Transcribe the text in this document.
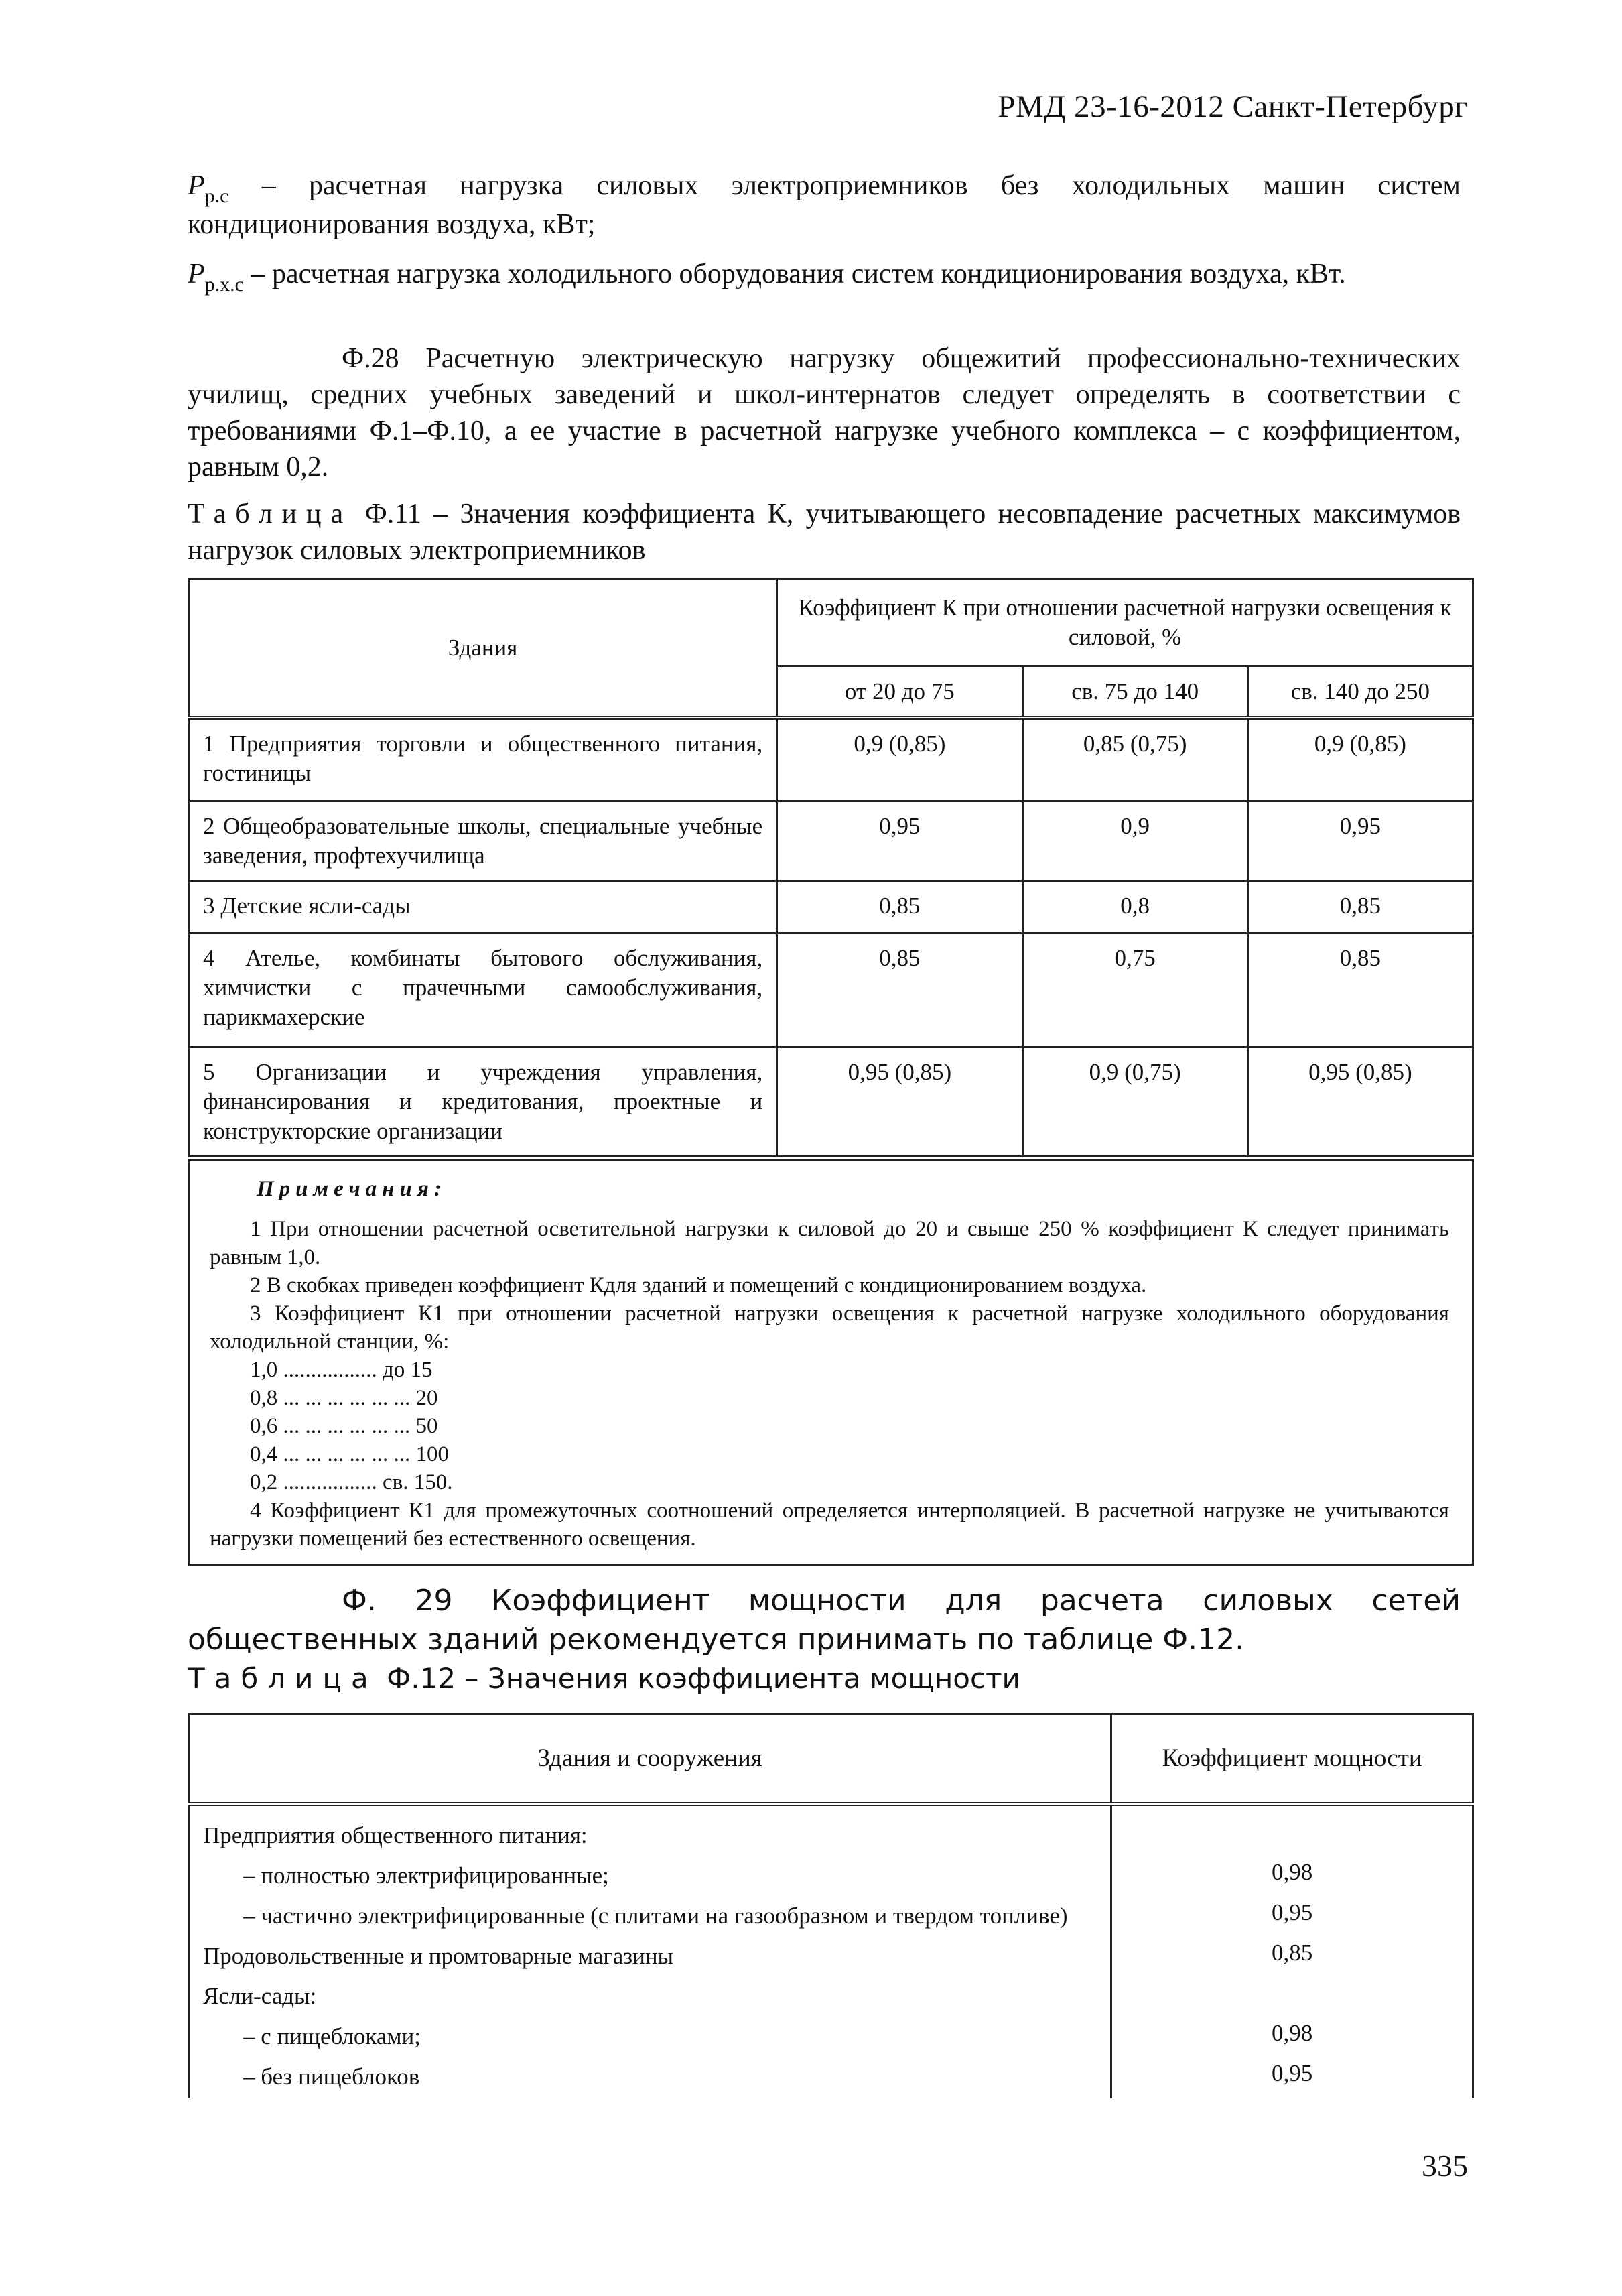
РМД 23-16-2012 Санкт-Петербург
$P_{р.с}$ – расчетная нагрузка силовых электроприемников без холодильных машин систем кондиционирования воздуха, кВт;
$P_{р.х.с}$ – расчетная нагрузка холодильного оборудования систем кондиционирования воздуха, кВт.
Ф.28 Расчетную электрическую нагрузку общежитий профессионально-технических училищ, средних учебных заведений и школ-интернатов следует определять в соответствии с требованиями Ф.1–Ф.10, а ее участие в расчетной нагрузке учебного комплекса – с коэффициентом, равным 0,2.
Таблица Ф.11 – Значения коэффициента К, учитывающего несовпадение расчетных максимумов нагрузок силовых электроприемников
Здания	Коэффициент К при отношении расчетной нагрузки освещения к силовой, %		
	от 20 до 75	св. 75 до 140	св. 140 до 250
1 Предприятия торговли и общественного питания, гостиницы	0,9 (0,85)	0,85 (0,75)	0,9 (0,85)
2 Общеобразовательные школы, специальные учебные заведения, профтехучилища	0,95	0,9	0,95
3 Детские ясли-сады	0,85	0,8	0,85
4 Ателье, комбинаты бытового обслуживания, химчистки с прачечными самообслуживания, парикмахерские	0,85	0,75	0,85
5 Организации и учреждения управления, финансирования и кредитования, проектные и конструкторские организации	0,95 (0,85)	0,9 (0,75)	0,95 (0,85)
Примечания:
1 При отношении расчетной осветительной нагрузки к силовой до 20 и свыше 250 % коэффициент К следует принимать равным 1,0.
2 В скобках приведен коэффициент Кдля зданий и помещений с кондиционированием воздуха.
3 Коэффициент К1 при отношении расчетной нагрузки освещения к расчетной нагрузке холодильного оборудования холодильной станции, %:
1,0 ................. до 15
0,8 ... ... ... ... ... ... 20
0,6 ... ... ... ... ... ... 50
0,4 ... ... ... ... ... ... 100
0,2 ................. св. 150.
4 Коэффициент К1 для промежуточных соотношений определяется интерполяцией. В расчетной нагрузке не учитываются нагрузки помещений без естественного освещения.
Ф. 29 Коэффициент мощности для расчета силовых сетей общественных зданий рекомендуется принимать по таблице Ф.12.
Таблица Ф.12 – Значения коэффициента мощности
Здания и сооружения	Коэффициент мощности
Предприятия общественного питания:	
– полностью электрифицированные;	0,98
– частично электрифицированные (с плитами на газообразном и твердом топливе)	0,95
Продовольственные и промтоварные магазины	0,85
Ясли-сады:	
– с пищеблоками;	0,98
– без пищеблоков	0,95
335
